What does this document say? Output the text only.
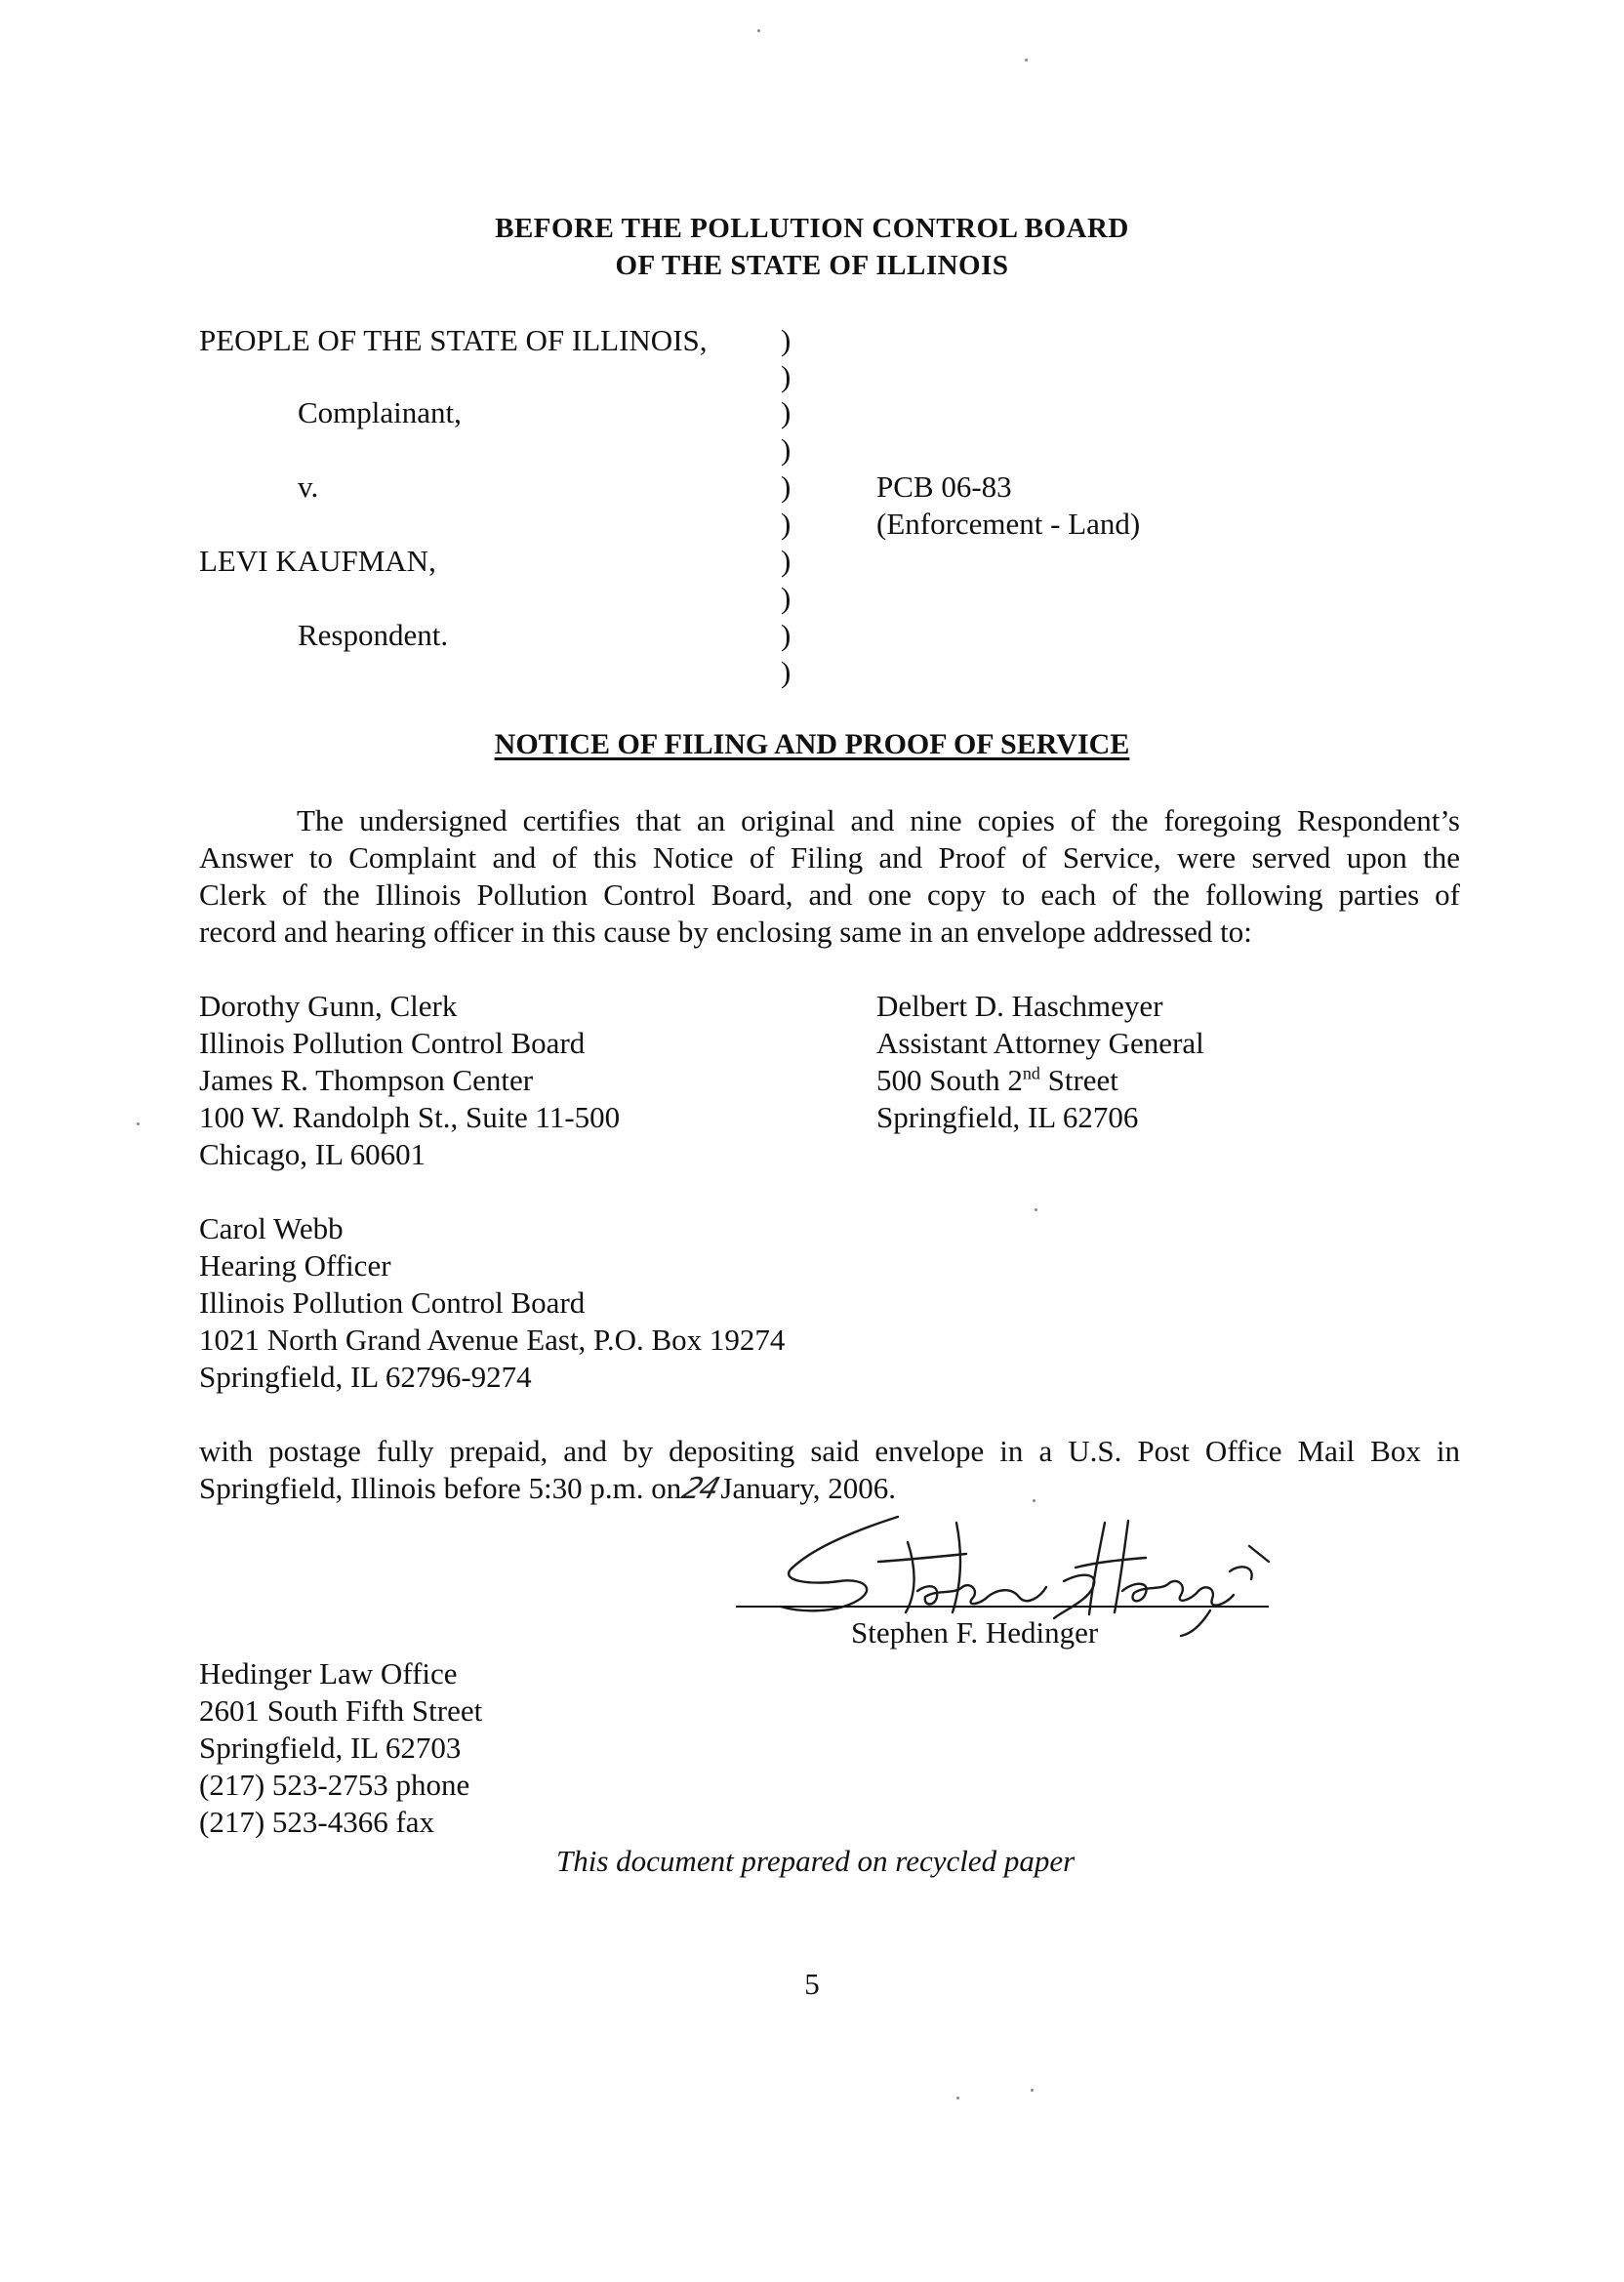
BEFORE THE POLLUTION CONTROL BOARD
OF THE STATE OF ILLINOIS
PEOPLE OF THE STATE OF ILLINOIS,
Complainant,
v.
LEVI KAUFMAN,
Respondent.
)
)
)
)
)
)
)
)
)
)
PCB 06-83
(Enforcement - Land)
NOTICE OF FILING AND PROOF OF SERVICE
The undersigned certifies that an original and nine copies of the foregoing Respondent’s
Answer to Complaint and of this Notice of Filing and Proof of Service, were served upon the
Clerk of the Illinois Pollution Control Board, and one copy to each of the following parties of
record and hearing officer in this cause by enclosing same in an envelope addressed to:
Dorothy Gunn, Clerk
Illinois Pollution Control Board
James R. Thompson Center
100 W. Randolph St., Suite 11-500
Chicago, IL 60601
Delbert D. Haschmeyer
Assistant Attorney General
500 South 2nd Street
Springfield, IL 62706
Carol Webb
Hearing Officer
Illinois Pollution Control Board
1021 North Grand Avenue East, P.O. Box 19274
Springfield, IL 62796-9274
with postage fully prepaid, and by depositing said envelope in a U.S. Post Office Mail Box in
Springfield, Illinois before 5:30 p.m. on24January, 2006.
Stephen F. Hedinger
Hedinger Law Office
2601 South Fifth Street
Springfield, IL 62703
(217) 523-2753 phone
(217) 523-4366 fax
This document prepared on recycled paper
5
